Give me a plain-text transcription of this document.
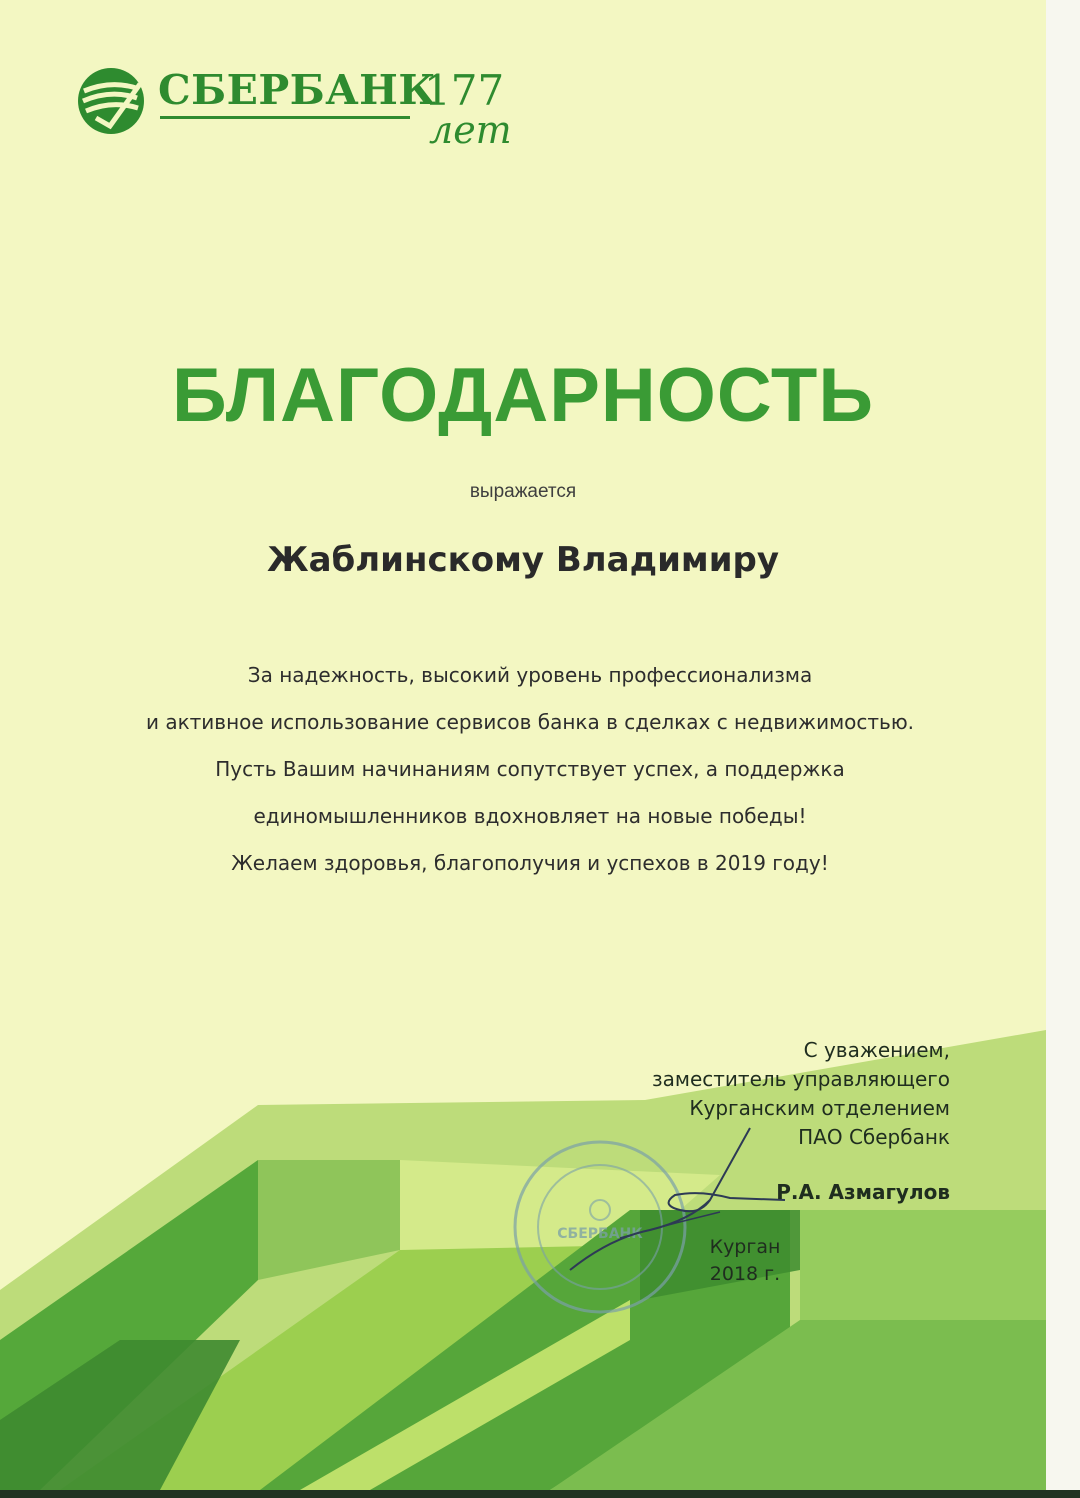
СБЕРБАНК
177
лет
БЛАГОДАРНОСТЬ
выражается
Жаблинскому Владимиру
За надежность, высокий уровень профессионализма
и активное использование сервисов банка в сделках с недвижимостью.
Пусть Вашим начинаниям сопутствует успех, а поддержка
единомышленников вдохновляет на новые победы!
Желаем здоровья, благополучия и успехов в 2019 году!
СБЕРБАНК
С уважением,
заместитель управляющего
Курганским отделением
ПАО Сбербанк
Р.А. Азмагулов
Курган
2018 г.
